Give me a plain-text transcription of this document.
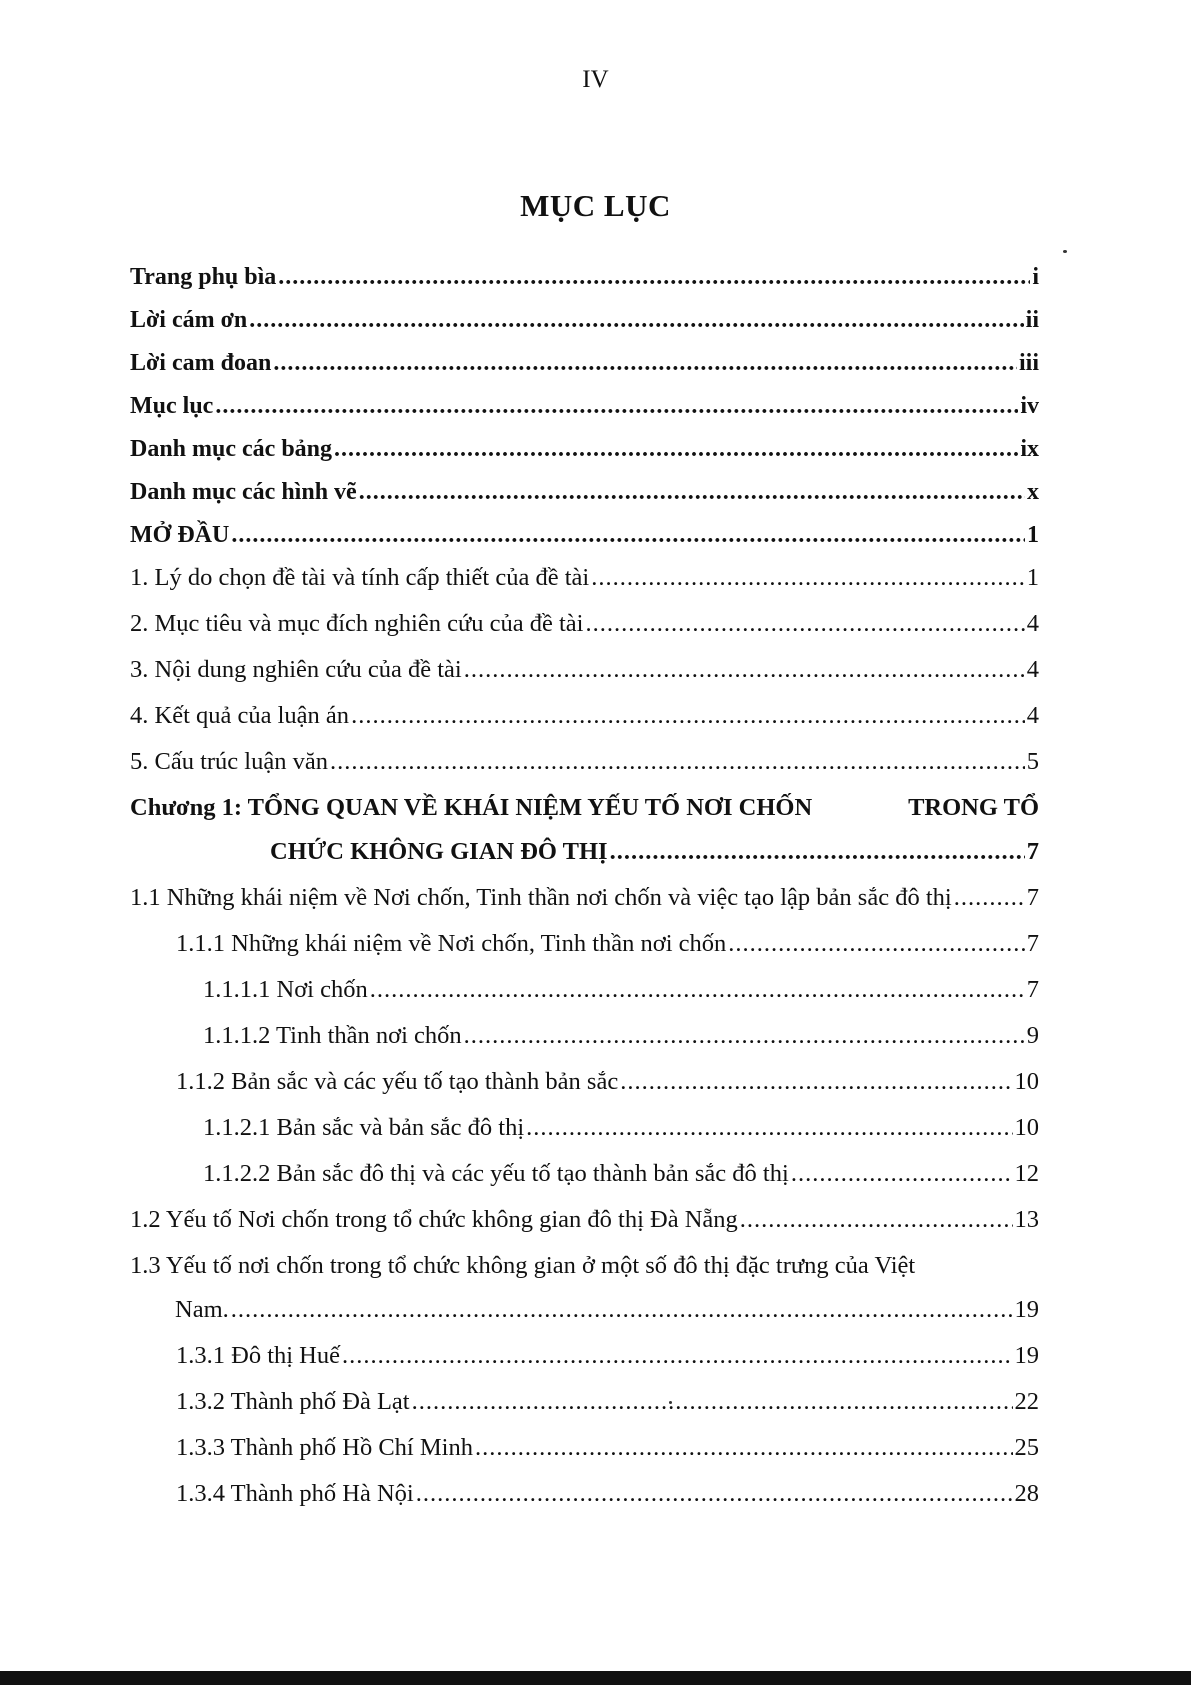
IV
MỤC LỤC
Trang phụ bìa .....	i
Lời cám ơn .....	ii
Lời cam đoan .....	iii
Mục lục .....	iv
Danh mục các bảng .....	ix
Danh mục các hình vẽ .....	x
MỞ ĐẦU .....	1
1. Lý do chọn đề tài và tính cấp thiết của đề tài .....	1
2. Mục tiêu và mục đích nghiên cứu của đề tài .....	4
3. Nội dung nghiên cứu của đề tài .....	4
4. Kết quả của luận án .....	4
5. Cấu trúc luận văn .....	5
Chương 1: TỔNG QUAN VỀ KHÁI NIỆM YẾU TỐ NƠI CHỐN	TRONG TỔ
CHỨC KHÔNG GIAN ĐÔ THỊ .....	7
1.1 Những khái niệm về Nơi chốn, Tinh thần nơi chốn và việc tạo lập bản sắc đô thị .....	7
1.1.1 Những khái niệm về Nơi chốn, Tinh thần nơi chốn .....	7
1.1.1.1 Nơi chốn .....	7
1.1.1.2 Tinh thần nơi chốn .....	9
1.1.2 Bản sắc và các yếu tố tạo thành bản sắc .....	10
1.1.2.1 Bản sắc và bản sắc đô thị .....	10
1.1.2.2 Bản sắc đô thị và các yếu tố tạo thành bản sắc đô thị .....	12
1.2 Yếu tố Nơi chốn trong tổ chức không gian đô thị Đà Nẵng .....	13
1.3 Yếu tố nơi chốn trong tổ chức không gian ở một số đô thị đặc trưng của Việt
Nam. .....	19
1.3.1 Đô thị Huế .....	19
1.3.2 Thành phố Đà Lạt .....	22
1.3.3 Thành phố Hồ Chí Minh .....	25
1.3.4 Thành phố Hà Nội .....	28
